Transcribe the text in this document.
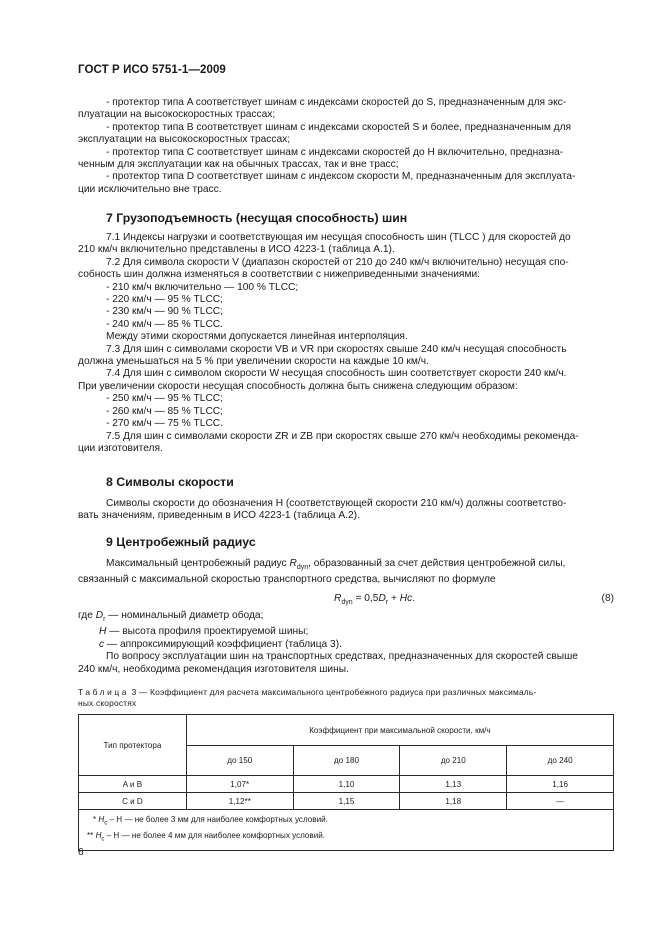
ГОСТ Р ИСО 5751-1—2009

- протектор типа A соответствует шинам с индексами скоростей до S, предназначенным для экс-

плуатации на высокоскоростных трассах;

- протектор типа B соответствует шинам с индексами скоростей S и более, предназначенным для

эксплуатации на высокоскоростных трассах;

- протектор типа C соответствует шинам с индексами скоростей до H включительно, предназна-

ченным для эксплуатации как на обычных трассах, так и вне трасс;

- протектор типа D соответствует шинам с индексом скорости M, предназначенным для эксплуата-

ции исключительно вне трасс.

7 Грузоподъемность (несущая способность) шин

7.1 Индексы нагрузки и соответствующая им несущая способность шин (TLCC ) для скоростей до

210 км/ч включительно представлены в ИСО 4223-1 (таблица А.1).

7.2 Для символа скорости V (диапазон скоростей от 210 до 240 км/ч включительно) несущая спо-

собность шин должна изменяться в соответствии с нижеприведенными значениями:

- 210 км/ч включительно — 100 % TLCC;

- 220 км/ч — 95 % TLCC;

- 230 км/ч — 90 % TLCC;

- 240 км/ч — 85 % TLCC.

Между этими скоростями допускается линейная интерполяция.

7.3 Для шин с символами скорости VB и VR при скоростях свыше 240 км/ч несущая способность

должна уменьшаться на 5 % при увеличении скорости на каждые 10 км/ч.

7.4 Для шин с символом скорости W несущая способность шин соответствует скорости 240 км/ч.

При увеличении скорости несущая способность должна быть снижена следующим образом:

- 250 км/ч — 95 % TLCC;

- 260 км/ч — 85 % TLCC;

- 270 км/ч — 75 % TLCC.

7.5 Для шин с символами скорости ZR и ZB при скоростях свыше 270 км/ч необходимы рекоменда-

ции изготовителя.

8 Символы скорости

Символы скорости до обозначения H (соответствующей скорости 210 км/ч) должны соответство-

вать значениям, приведенным в ИСО 4223-1 (таблица А.2).

9 Центробежный радиус

Максимальный центробежный радиус $R_{dyn}$, образованный за счет действия центробежной силы,

связанный с максимальной скоростью транспортного средства, вычисляют по формуле

$R_{dyn} = 0,5D_r + Hc$.	(8)

где $D_r$ — номинальный диаметр обода;

H — высота профиля проектируемой шины;

c — аппроксимирующий коэффициент (таблица 3).

По вопросу эксплуатации шин на транспортных средствах, предназначенных для скоростей свыше

240 км/ч, необходима рекомендация изготовителя шины.

Таблица 3 — Коэффициент для расчета максимального центробежного радиуса при различных максималь-
ных скоростях
Тип протектора	Коэффициент при максимальной скорости, км/ч			
	до 150	до 180	до 210	до 240
A и B	1,07*	1,10	1,13	1,16
C и D	1,12**	1,15	1,18	—

* $H_c$ – H — не более 3 мм для наиболее комфортных условий.
** $H_c$ – H — не более 4 мм для наиболее комфортных условий.				
6
